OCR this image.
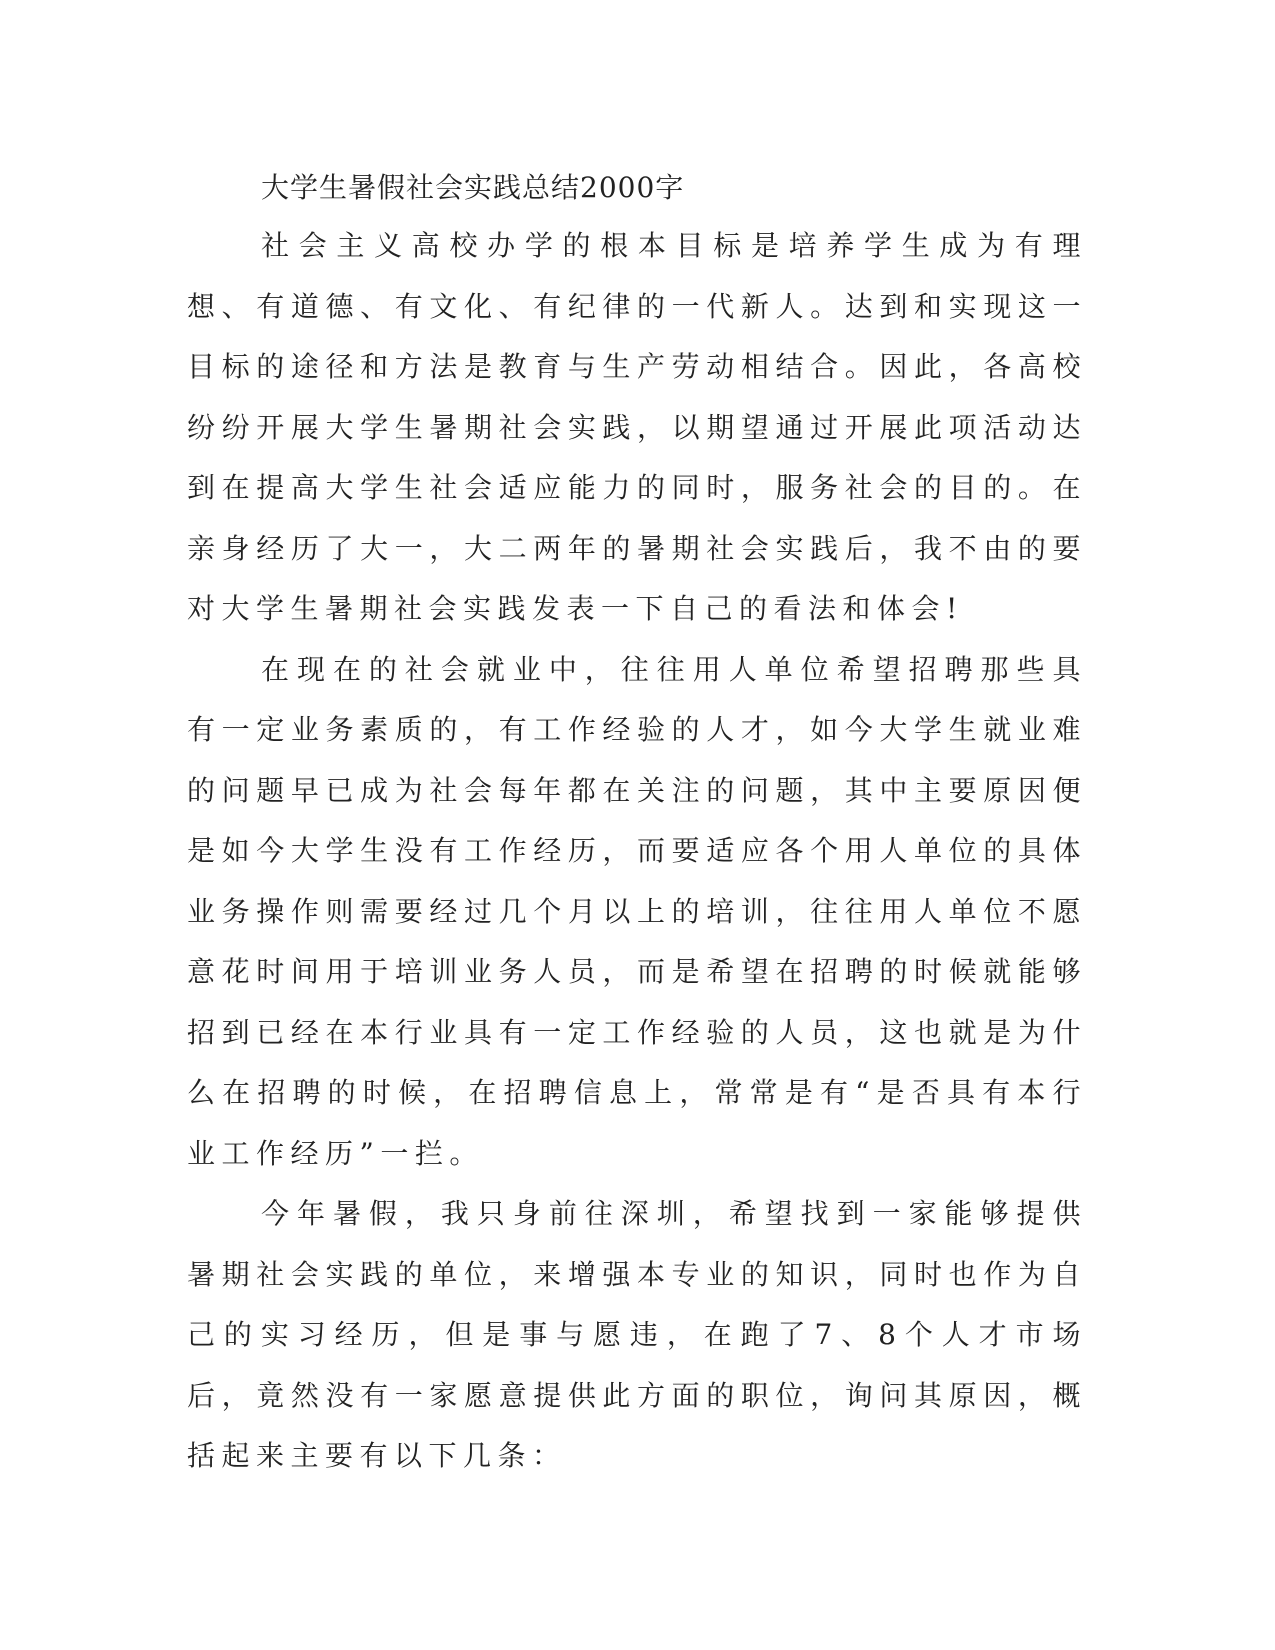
大学生暑假社会实践总结2000字

社会主义高校办学的根本目标是培养学生成为有理想、有道德、有文化、有纪律的一代新人。达到和实现这一目标的途径和方法是教育与生产劳动相结合。因此，各高校纷纷开展大学生暑期社会实践，以期望通过开展此项活动达到在提高大学生社会适应能力的同时，服务社会的目的。在亲身经历了大一，大二两年的暑期社会实践后，我不由的要对大学生暑期社会实践发表一下自己的看法和体会!

在现在的社会就业中，往往用人单位希望招聘那些具有一定业务素质的，有工作经验的人才，如今大学生就业难的问题早已成为社会每年都在关注的问题，其中主要原因便是如今大学生没有工作经历，而要适应各个用人单位的具体业务操作则需要经过几个月以上的培训，往往用人单位不愿意花时间用于培训业务人员，而是希望在招聘的时候就能够招到已经在本行业具有一定工作经验的人员，这也就是为什么在招聘的时候，在招聘信息上，常常是有“是否具有本行业工作经历”一拦。

今年暑假，我只身前往深圳，希望找到一家能够提供暑期社会实践的单位，来增强本专业的知识，同时也作为自己的实习经历，但是事与愿违，在跑了7、8个人才市场后，竟然没有一家愿意提供此方面的职位，询问其原因，概括起来主要有以下几条：
